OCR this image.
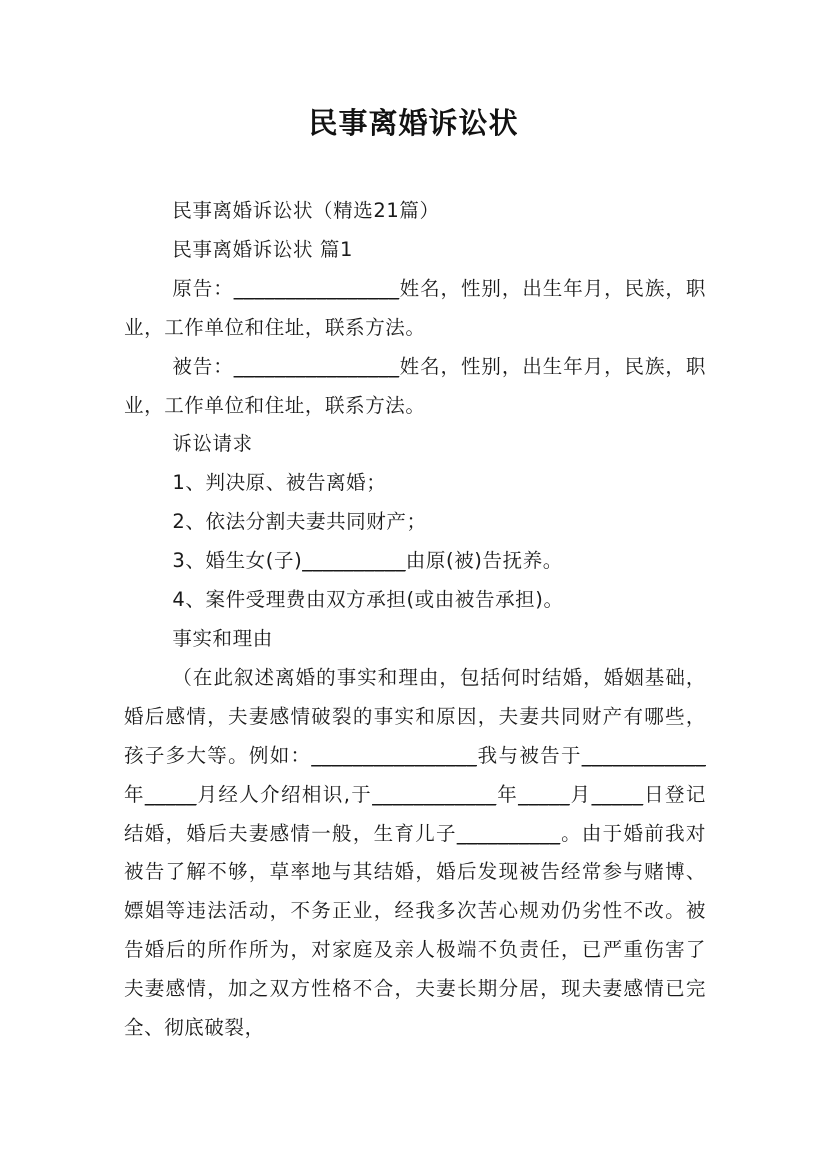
民事离婚诉讼状

民事离婚诉讼状（精选21篇）

民事离婚诉讼状 篇1

原告：________________姓名，性别，出生年月，民族，职业，工作单位和住址，联系方法。

被告：________________姓名，性别，出生年月，民族，职业，工作单位和住址，联系方法。

诉讼请求

1、判决原、被告离婚；

2、依法分割夫妻共同财产；

3、婚生女(子)__________由原(被)告抚养。

4、案件受理费由双方承担(或由被告承担)。

事实和理由

（在此叙述离婚的事实和理由，包括何时结婚，婚姻基础，婚后感情，夫妻感情破裂的事实和原因，夫妻共同财产有哪些，孩子多大等。例如：________________我与被告于____________年_____月经人介绍相识,于____________年_____月_____日登记结婚，婚后夫妻感情一般，生育儿子__________。由于婚前我对被告了解不够，草率地与其结婚，婚后发现被告经常参与赌博、嫖娼等违法活动，不务正业，经我多次苦心规劝仍劣性不改。被告婚后的所作所为，对家庭及亲人极端不负责任，已严重伤害了夫妻感情，加之双方性格不合，夫妻长期分居，现夫妻感情已完全、彻底破裂，
